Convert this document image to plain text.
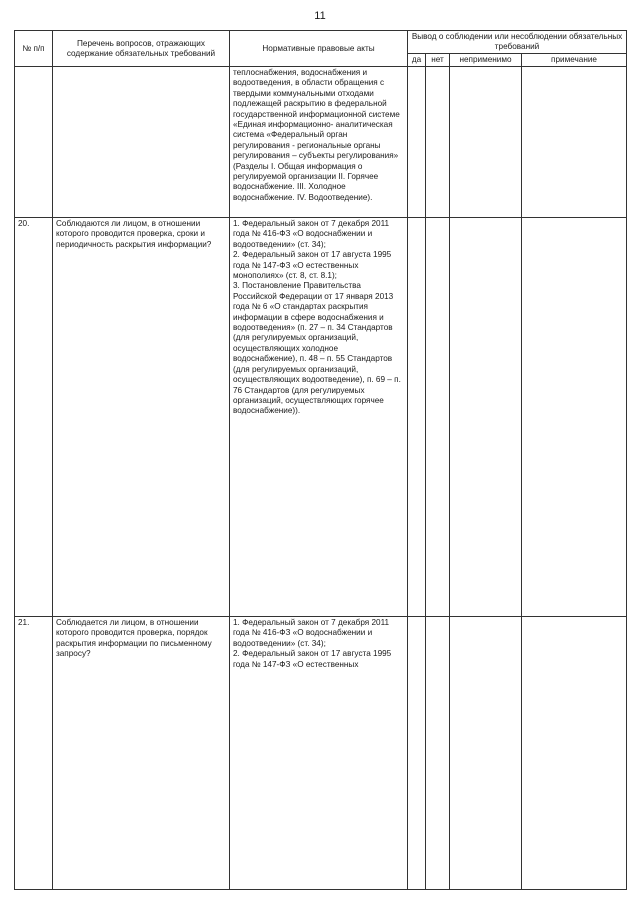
11
№ п/п	Перечень вопросов, отражающих содержание обязательных требований	Нормативные правовые акты	Вывод о соблюдении или несоблюдении обязательных требований			
			да	нет	неприменимо	примечание
		теплоснабжения, водоснабжения и водоотведения, в области обращения с твердыми коммунальными отходами подлежащей раскрытию в федеральной государственной информационной системе «Единая информационно- аналитическая система «Федеральный орган регулирования - региональные органы регулирования – субъекты регулирования» (Разделы I. Общая информация о регулируемой организации II. Горячее водоснабжение. III. Холодное водоснабжение. IV. Водоотведение).				
20.	Соблюдаются ли лицом, в отношении которого проводится проверка, сроки и периодичность раскрытия информации?	1. Федеральный закон от 7 декабря 2011 года № 416-ФЗ «О водоснабжении и водоотведении» (ст. 34);
2. Федеральный закон от 17 августа 1995 года № 147-ФЗ «О естественных монополиях» (ст. 8, ст. 8.1);
3. Постановление Правительства Российской Федерации от 17 января 2013 года № 6 «О стандартах раскрытия информации в сфере водоснабжения и водоотведения» (п. 27 – п. 34 Стандартов (для регулируемых организаций, осуществляющих холодное водоснабжение), п. 48 – п. 55 Стандартов (для регулируемых организаций, осуществляющих водоотведение), п. 69 – п. 76 Стандартов (для регулируемых организаций, осуществляющих горячее водоснабжение)).				
21.	Соблюдается ли лицом, в отношении которого проводится проверка, порядок раскрытия информации по письменному запросу?	1. Федеральный закон от 7 декабря 2011 года № 416-ФЗ «О водоснабжении и водоотведении» (ст. 34);
2. Федеральный закон от 17 августа 1995 года № 147-ФЗ «О естественных				
